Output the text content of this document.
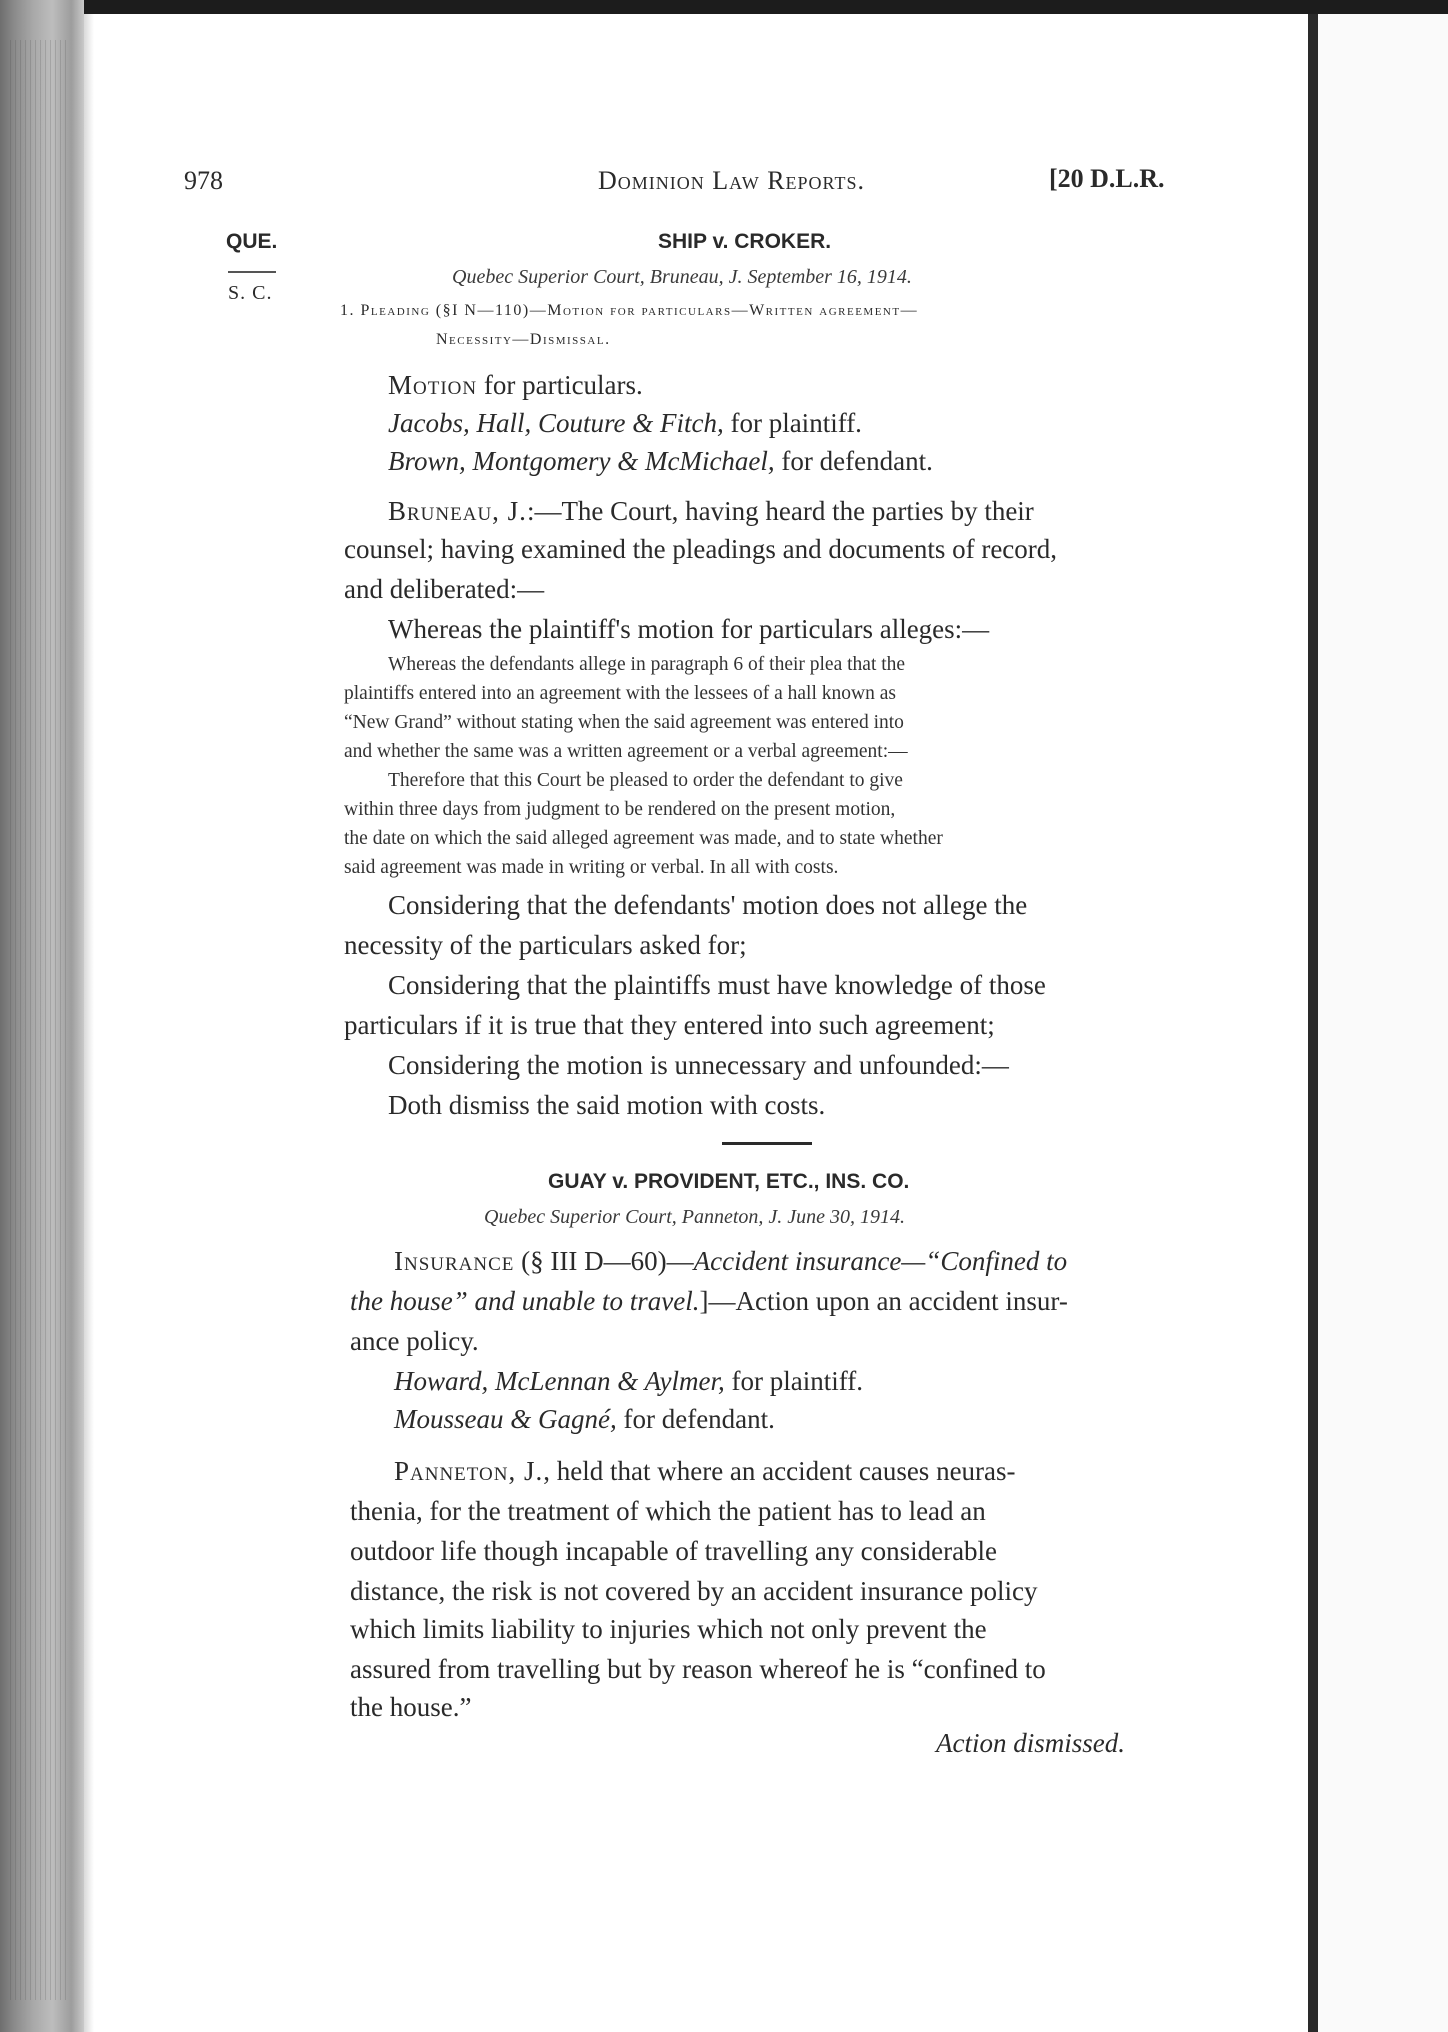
978	Dominion Law Reports.	[20 D.L.R.
QUE.
S. C.
SHIP v. CROKER.
Quebec Superior Court, Bruneau, J. September 16, 1914.
1. Pleading (§I N—110)—Motion for particulars—Written agreement—
Necessity—Dismissal.
Motion for particulars.
Jacobs, Hall, Couture & Fitch, for plaintiff.
Brown, Montgomery & McMichael, for defendant.
Bruneau, J.:—The Court, having heard the parties by their
counsel; having examined the pleadings and documents of record,
and deliberated:—
Whereas the plaintiff's motion for particulars alleges:—
Whereas the defendants allege in paragraph 6 of their plea that the
plaintiffs entered into an agreement with the lessees of a hall known as
“New Grand” without stating when the said agreement was entered into
and whether the same was a written agreement or a verbal agreement:—
Therefore that this Court be pleased to order the defendant to give
within three days from judgment to be rendered on the present motion,
the date on which the said alleged agreement was made, and to state whether
said agreement was made in writing or verbal. In all with costs.
Considering that the defendants' motion does not allege the
necessity of the particulars asked for;
Considering that the plaintiffs must have knowledge of those
particulars if it is true that they entered into such agreement;
Considering the motion is unnecessary and unfounded:—
Doth dismiss the said motion with costs.
GUAY v. PROVIDENT, ETC., INS. CO.
Quebec Superior Court, Panneton, J. June 30, 1914.
Insurance (§ III D—60)—Accident insurance—“Confined to
the house” and unable to travel.]—Action upon an accident insur-
ance policy.
Howard, McLennan & Aylmer, for plaintiff.
Mousseau & Gagné, for defendant.
Panneton, J., held that where an accident causes neuras-
thenia, for the treatment of which the patient has to lead an
outdoor life though incapable of travelling any considerable
distance, the risk is not covered by an accident insurance policy
which limits liability to injuries which not only prevent the
assured from travelling but by reason whereof he is “confined to
the house.”
Action dismissed.
